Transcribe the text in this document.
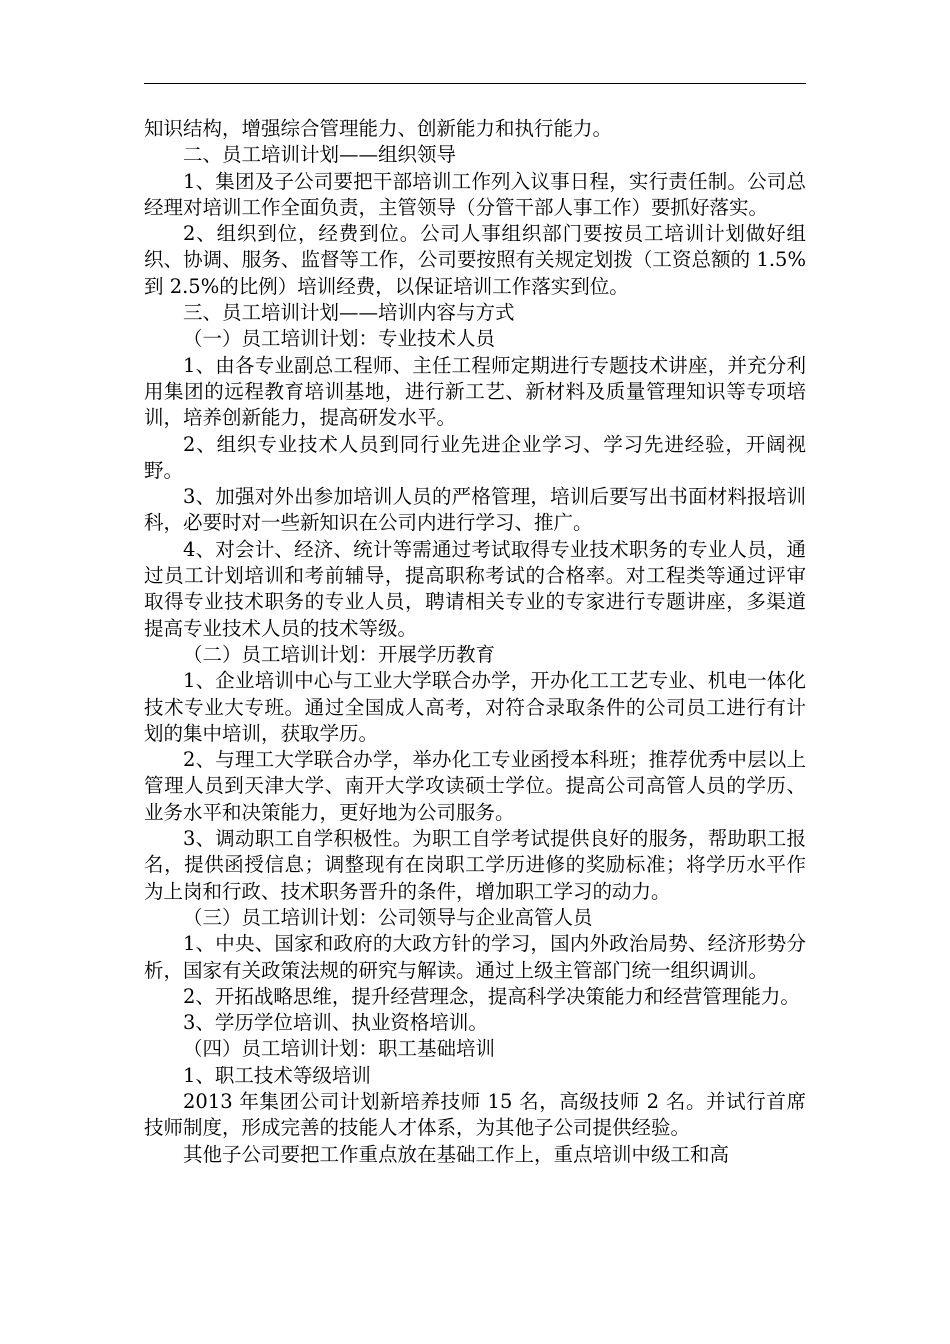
知识结构，增强综合管理能力、创新能力和执行能力。

二、员工培训计划——组织领导

1、集团及子公司要把干部培训工作列入议事日程，实行责任制。公司总经理对培训工作全面负责，主管领导（分管干部人事工作）要抓好落实。

2、组织到位，经费到位。公司人事组织部门要按员工培训计划做好组织、协调、服务、监督等工作，公司要按照有关规定划拨（工资总额的 1.5%到 2.5%的比例）培训经费，以保证培训工作落实到位。

三、员工培训计划——培训内容与方式

（一）员工培训计划：专业技术人员

1、由各专业副总工程师、主任工程师定期进行专题技术讲座，并充分利用集团的远程教育培训基地，进行新工艺、新材料及质量管理知识等专项培训，培养创新能力，提高研发水平。

2、组织专业技术人员到同行业先进企业学习、学习先进经验，开阔视野。

3、加强对外出参加培训人员的严格管理，培训后要写出书面材料报培训科，必要时对一些新知识在公司内进行学习、推广。

4、对会计、经济、统计等需通过考试取得专业技术职务的专业人员，通过员工计划培训和考前辅导，提高职称考试的合格率。对工程类等通过评审取得专业技术职务的专业人员，聘请相关专业的专家进行专题讲座，多渠道提高专业技术人员的技术等级。

（二）员工培训计划：开展学历教育

1、企业培训中心与工业大学联合办学，开办化工工艺专业、机电一体化技术专业大专班。通过全国成人高考，对符合录取条件的公司员工进行有计划的集中培训，获取学历。

2、与理工大学联合办学，举办化工专业函授本科班；推荐优秀中层以上管理人员到天津大学、南开大学攻读硕士学位。提高公司高管人员的学历、业务水平和决策能力，更好地为公司服务。

3、调动职工自学积极性。为职工自学考试提供良好的服务，帮助职工报名，提供函授信息；调整现有在岗职工学历进修的奖励标准；将学历水平作为上岗和行政、技术职务晋升的条件，增加职工学习的动力。

（三）员工培训计划：公司领导与企业高管人员

1、中央、国家和政府的大政方针的学习，国内外政治局势、经济形势分析，国家有关政策法规的研究与解读。通过上级主管部门统一组织调训。

2、开拓战略思维，提升经营理念，提高科学决策能力和经营管理能力。

3、学历学位培训、执业资格培训。

（四）员工培训计划：职工基础培训

1、职工技术等级培训

2013 年集团公司计划新培养技师 15 名，高级技师 2 名。并试行首席技师制度，形成完善的技能人才体系，为其他子公司提供经验。

其他子公司要把工作重点放在基础工作上，重点培训中级工和高
